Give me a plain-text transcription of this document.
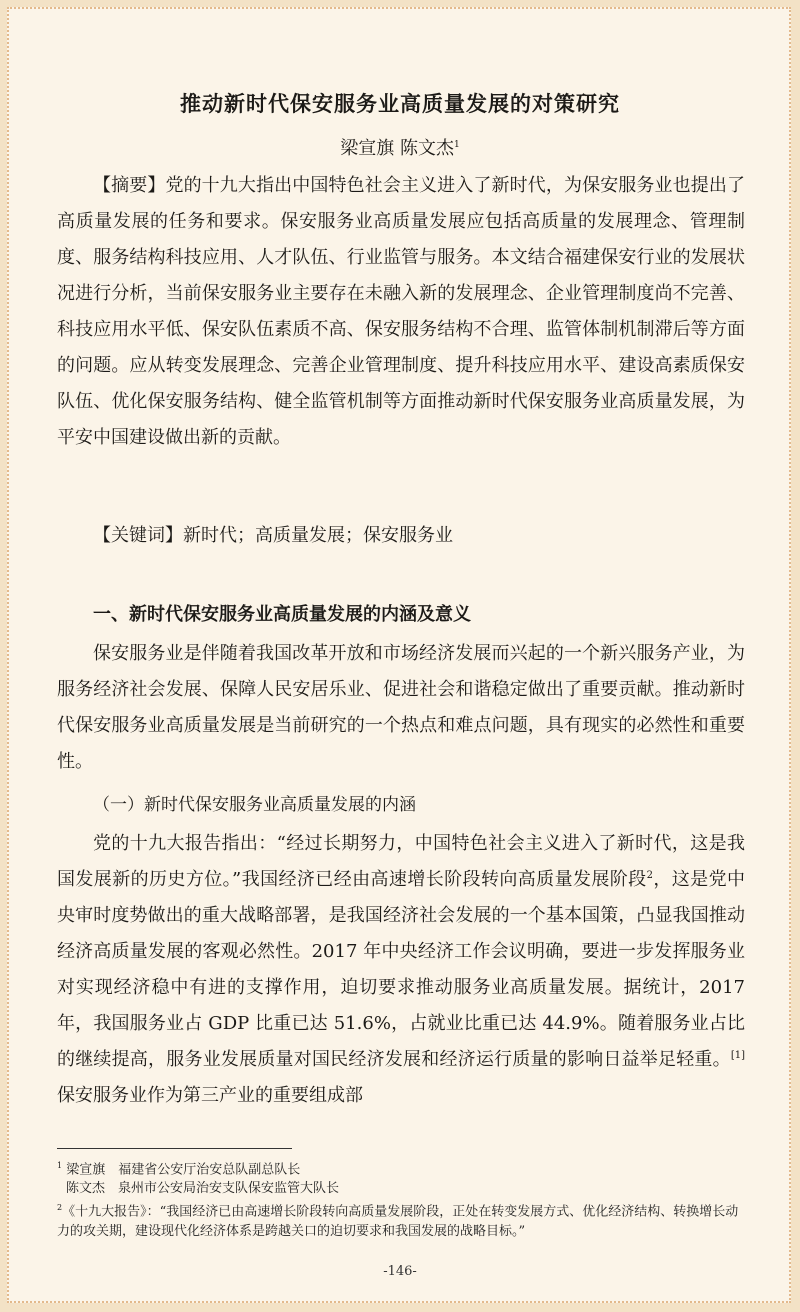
推动新时代保安服务业高质量发展的对策研究
梁宣旗 陈文杰$^1$
【摘要】党的十九大指出中国特色社会主义进入了新时代，为保安服务业也提出了高质量发展的任务和要求。保安服务业高质量发展应包括高质量的发展理念、管理制度、服务结构科技应用、人才队伍、行业监管与服务。本文结合福建保安行业的发展状况进行分析，当前保安服务业主要存在未融入新的发展理念、企业管理制度尚不完善、科技应用水平低、保安队伍素质不高、保安服务结构不合理、监管体制机制滞后等方面的问题。应从转变发展理念、完善企业管理制度、提升科技应用水平、建设高素质保安队伍、优化保安服务结构、健全监管机制等方面推动新时代保安服务业高质量发展，为平安中国建设做出新的贡献。
【关键词】新时代；高质量发展；保安服务业
一、新时代保安服务业高质量发展的内涵及意义
保安服务业是伴随着我国改革开放和市场经济发展而兴起的一个新兴服务产业，为服务经济社会发展、保障人民安居乐业、促进社会和谐稳定做出了重要贡献。推动新时代保安服务业高质量发展是当前研究的一个热点和难点问题，具有现实的必然性和重要性。
（一）新时代保安服务业高质量发展的内涵
党的十九大报告指出：“经过长期努力，中国特色社会主义进入了新时代，这是我国发展新的历史方位。”我国经济已经由高速增长阶段转向高质量发展阶段$^2$，这是党中央审时度势做出的重大战略部署，是我国经济社会发展的一个基本国策，凸显我国推动经济高质量发展的客观必然性。2017 年中央经济工作会议明确，要进一步发挥服务业对实现经济稳中有进的支撑作用，迫切要求推动服务业高质量发展。据统计，2017 年，我国服务业占 GDP 比重已达 51.6%，占就业比重已达 44.9%。随着服务业占比的继续提高，服务业发展质量对国民经济发展和经济运行质量的影响日益举足轻重。[1]保安服务业作为第三产业的重要组成部

$^1$ 梁宣旗　福建省公安厅治安总队副总队长

陈文杰　泉州市公安局治安支队保安监管大队长

$^2$《十九大报告》：“我国经济已由高速增长阶段转向高质量发展阶段，正处在转变发展方式、优化经济结构、转换增长动力的攻关期，建设现代化经济体系是跨越关口的迫切要求和我国发展的战略目标。”

-146-
